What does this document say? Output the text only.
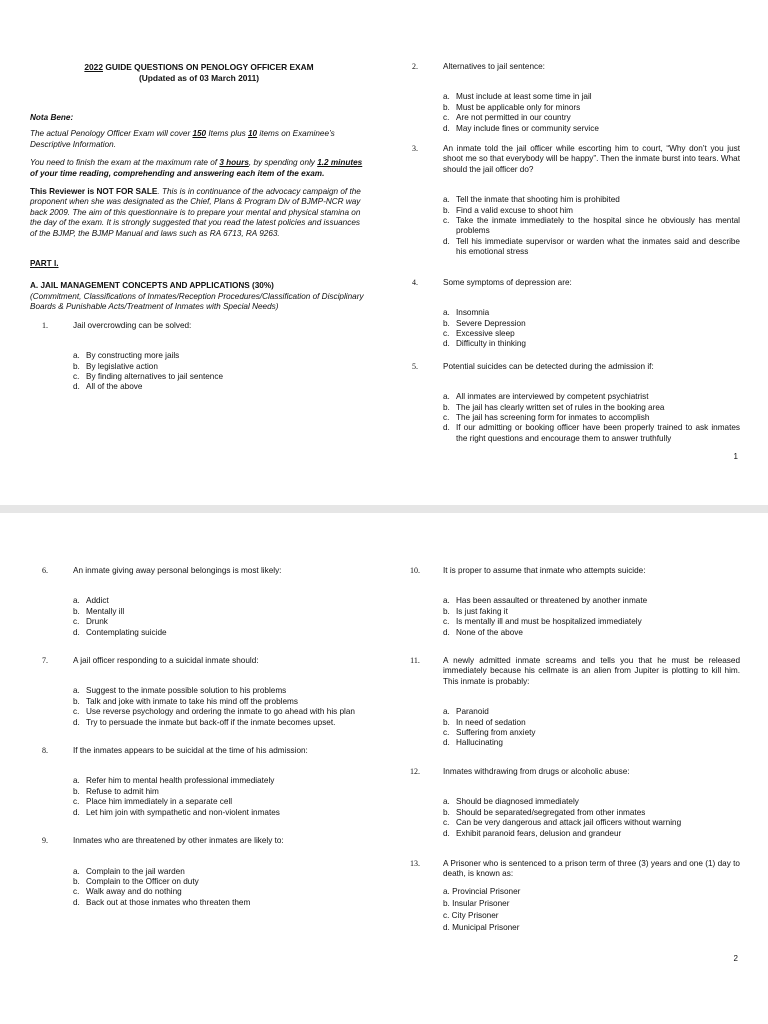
2022 GUIDE QUESTIONS ON PENOLOGY OFFICER EXAM
(Updated as of 03 March 2011)
Nota Bene:
The actual Penology Officer Exam will cover 150 Items plus 10 items on Examinee’s Descriptive Information.
You need to finish the exam at the maximum rate of 3 hours, by spending only 1.2 minutes of your time reading, comprehending and answering each item of the exam.
This Reviewer is NOT FOR SALE. This is in continuance of the advocacy campaign of the proponent when she was designated as the Chief, Plans & Program Div of BJMP-NCR way back 2009. The aim of this questionnaire is to prepare your mental and physical stamina on the day of the exam. It is strongly suggested that you read the latest policies and issuances of the BJMP, the BJMP Manual and laws such as RA 6713, RA 9263.
PART I.
A. JAIL MANAGEMENT CONCEPTS AND APPLICATIONS (30%)
(Commitment, Classifications of Inmates/Reception Procedures/Classification of Disciplinary Boards & Punishable Acts/Treatment of Inmates with Special Needs)
1.	Jail overcrowding can be solved:
a. By constructing more jails
b. By legislative action
c. By finding alternatives to jail sentence
d. All of the above
2.	Alternatives to jail sentence:
a. Must include at least some time in jail
b. Must be applicable only for minors
c. Are not permitted in our country
d. May include fines or community service
3.	An inmate told the jail officer while escorting him to court, “Why don’t you just shoot me so that everybody will be happy”. Then the inmate burst into tears. What should the jail officer do?
a. Tell the inmate that shooting him is prohibited
b. Find a valid excuse to shoot him
c. Take the inmate immediately to the hospital since he obviously has mental problems
d. Tell his immediate supervisor or warden what the inmates said and describe his emotional stress
4.	Some symptoms of depression are:
a. Insomnia
b. Severe Depression
c. Excessive sleep
d. Difficulty in thinking
5.	Potential suicides can be detected during the admission if:
a. All inmates are interviewed by competent psychiatrist
b. The jail has clearly written set of rules in the booking area
c. The jail has screening form for inmates to accomplish
d. If our admitting or booking officer have been properly trained to ask inmates the right questions and encourage them to answer truthfully
1
6.	An inmate giving away personal belongings is most likely:
a. Addict
b. Mentally ill
c. Drunk
d. Contemplating suicide
7.	A jail officer responding to a suicidal inmate should:
a. Suggest to the inmate possible solution to his problems
b. Talk and joke with inmate to take his mind off the problems
c. Use reverse psychology and ordering the inmate to go ahead with his plan
d. Try to persuade the inmate but back-off if the inmate becomes upset.
8.	If the inmates appears to be suicidal at the time of his admission:
a. Refer him to mental health professional immediately
b. Refuse to admit him
c. Place him immediately in a separate cell
d. Let him join with sympathetic and non-violent inmates
9.	Inmates who are threatened by other inmates are likely to:
a. Complain to the jail warden
b. Complain to the Officer on duty
c. Walk away and do nothing
d. Back out at those inmates who threaten them
10.	It is proper to assume that inmate who attempts suicide:
a. Has been assaulted or threatened by another inmate
b. Is just faking it
c. Is mentally ill and must be hospitalized immediately
d. None of the above
11.	A newly admitted inmate screams and tells you that he must be released immediately because his cellmate is an alien from Jupiter is plotting to kill him. This inmate is probably:
a. Paranoid
b. In need of sedation
c. Suffering from anxiety
d. Hallucinating
12.	Inmates withdrawing from drugs or alcoholic abuse:
a. Should be diagnosed immediately
b. Should be separated/segregated from other inmates
c. Can be very dangerous and attack jail officers without warning
d. Exhibit paranoid fears, delusion and grandeur
13.	A Prisoner who is sentenced to a prison term of three (3) years and one (1) day to death, is known as:
a. Provincial Prisoner
b. Insular Prisoner
c. City Prisoner
d. Municipal Prisoner
2
